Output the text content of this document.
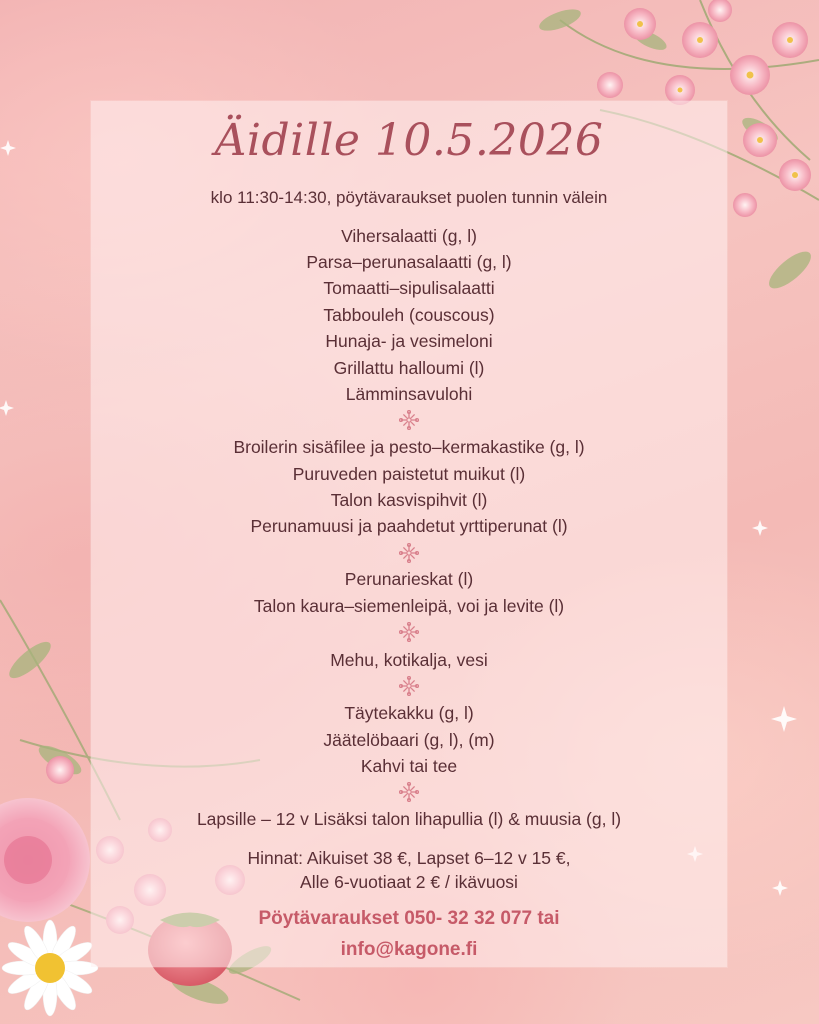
Äidille 10.5.2026
klo 11:30-14:30, pöytävaraukset puolen tunnin välein
Vihersalaatti (g, l)
Parsa–perunasalaatti (g, l)
Tomaatti–sipulisalaatti
Tabbouleh (couscous)
Hunaja- ja vesimeloni
Grillattu halloumi (l)
Lämminsavulohi
Broilerin sisäfilee ja pesto–kermakastike (g, l)
Puruveden paistetut muikut (l)
Talon kasvispihvit (l)
Perunamuusi ja paahdetut yrttiperunat (l)
Perunarieskat (l)
Talon kaura–siemenleipä, voi ja levite (l)
Mehu, kotikalja, vesi
Täytekakku (g, l)
Jäätelöbaari (g, l), (m)
Kahvi tai tee
Lapsille – 12 v Lisäksi talon lihapullia (l) & muusia (g, l)
Hinnat: Aikuiset 38 €, Lapset 6–12 v 15 €,
Alle 6-vuotiaat 2 € / ikävuosi
Pöytävaraukset 050- 32 32 077 tai
info@kagone.fi
